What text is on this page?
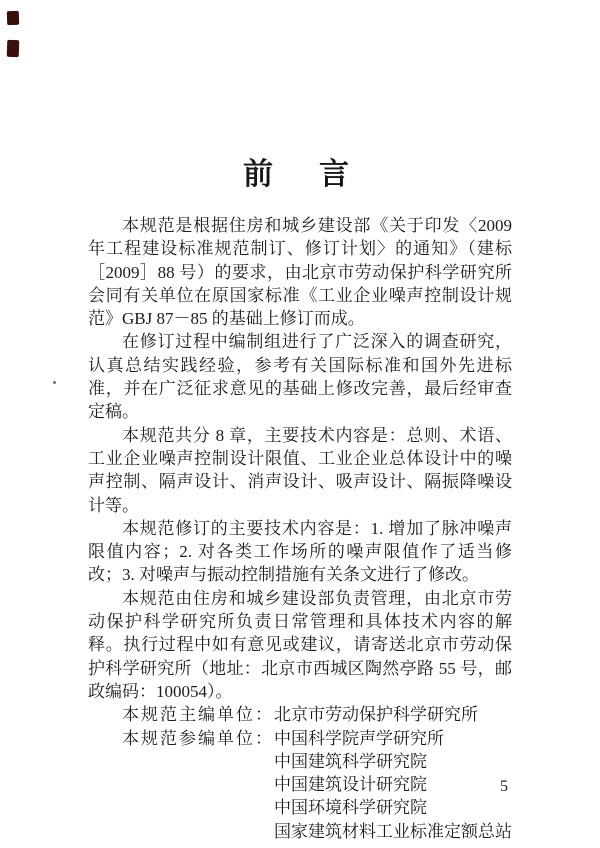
前　言

本规范是根据住房和城乡建设部《关于印发〈2009 年工程建设标准规范制订、修订计划〉的通知》（建标［2009］88 号）的要求，由北京市劳动保护科学研究所会同有关单位在原国家标准《工业企业噪声控制设计规范》GBJ 87－85 的基础上修订而成。

在修订过程中编制组进行了广泛深入的调查研究，认真总结实践经验，参考有关国际标准和国外先进标准，并在广泛征求意见的基础上修改完善，最后经审查定稿。

本规范共分 8 章，主要技术内容是：总则、术语、工业企业噪声控制设计限值、工业企业总体设计中的噪声控制、隔声设计、消声设计、吸声设计、隔振降噪设计等。

本规范修订的主要技术内容是：1. 增加了脉冲噪声限值内容；2. 对各类工作场所的噪声限值作了适当修改；3. 对噪声与振动控制措施有关条文进行了修改。

本规范由住房和城乡建设部负责管理，由北京市劳动保护科学研究所负责日常管理和具体技术内容的解释。执行过程中如有意见或建议，请寄送北京市劳动保护科学研究所（地址：北京市西城区陶然亭路 55 号，邮政编码：100054）。

本规范主编单位：北京市劳动保护科学研究所

本规范参编单位：中国科学院声学研究所

中国建筑科学研究院

中国建筑设计研究院

中国环境科学研究院

国家建筑材料工业标准定额总站

5
